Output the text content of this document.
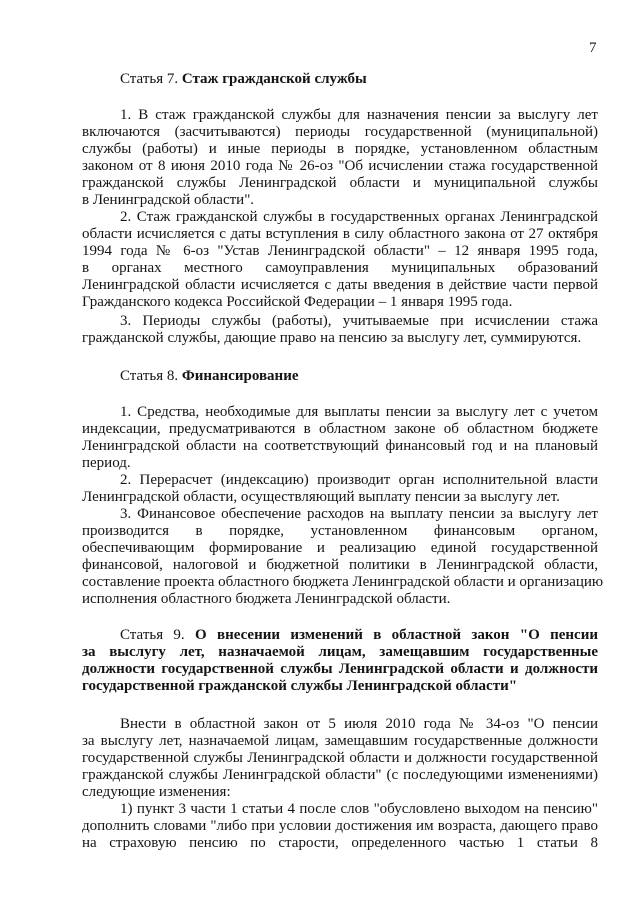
7
Статья 7. Стаж гражданской службы
1. В стаж гражданской службы для назначения пенсии за выслугу лет
включаются (засчитываются) периоды государственной (муниципальной)
службы (работы) и иные периоды в порядке, установленном областным
законом от 8 июня 2010 года № 26-оз "Об исчислении стажа государственной
гражданской службы Ленинградской области и муниципальной службы
в Ленинградской области".
2. Стаж гражданской службы в государственных органах Ленинградской
области исчисляется с даты вступления в силу областного закона от 27 октября
1994 года № 6-оз "Устав Ленинградской области" – 12 января 1995 года,
в органах местного самоуправления муниципальных образований
Ленинградской области исчисляется с даты введения в действие части первой
Гражданского кодекса Российской Федерации – 1 января 1995 года.
3. Периоды службы (работы), учитываемые при исчислении стажа
гражданской службы, дающие право на пенсию за выслугу лет, суммируются.
Статья 8. Финансирование
1. Средства, необходимые для выплаты пенсии за выслугу лет с учетом
индексации, предусматриваются в областном законе об областном бюджете
Ленинградской области на соответствующий финансовый год и на плановый
период.
2. Перерасчет (индексацию) производит орган исполнительной власти
Ленинградской области, осуществляющий выплату пенсии за выслугу лет.
3. Финансовое обеспечение расходов на выплату пенсии за выслугу лет
производится в порядке, установленном финансовым органом,
обеспечивающим формирование и реализацию единой государственной
финансовой, налоговой и бюджетной политики в Ленинградской области,
составление проекта областного бюджета Ленинградской области и организацию
исполнения областного бюджета Ленинградской области.
Статья 9. О внесении изменений в областной закон "О пенсии
за выслугу лет, назначаемой лицам, замещавшим государственные
должности государственной службы Ленинградской области и должности
государственной гражданской службы Ленинградской области"
Внести в областной закон от 5 июля 2010 года № 34-оз "О пенсии
за выслугу лет, назначаемой лицам, замещавшим государственные должности
государственной службы Ленинградской области и должности государственной
гражданской службы Ленинградской области" (с последующими изменениями)
следующие изменения:
1) пункт 3 части 1 статьи 4 после слов "обусловлено выходом на пенсию"
дополнить словами "либо при условии достижения им возраста, дающего право
на страховую пенсию по старости, определенного частью 1 статьи 8
